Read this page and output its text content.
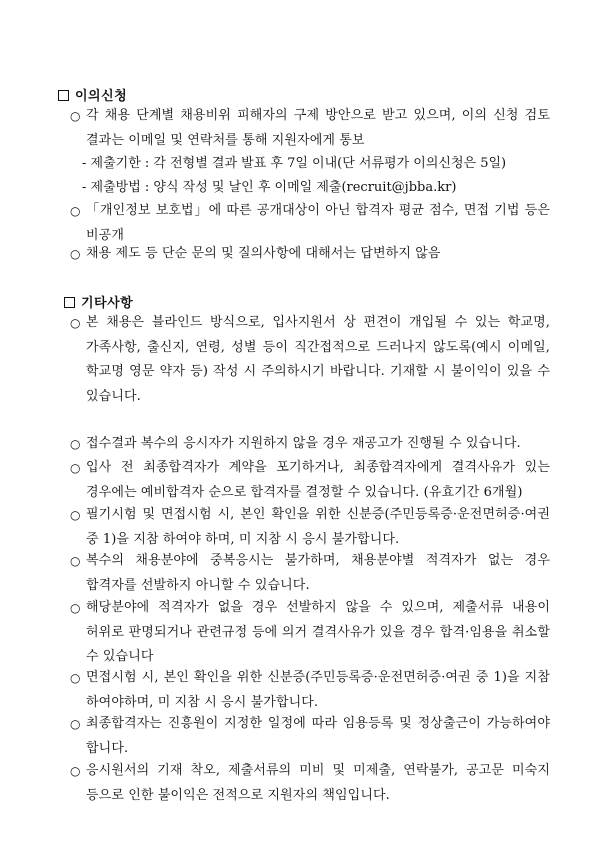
이의신청
○ 각 채용 단계별 채용비위 피해자의 구제 방안으로 받고 있으며, 이의 신청 검토 결과는 이메일 및 연락처를 통해 지원자에게 통보
- 제출기한 : 각 전형별 결과 발표 후 7일 이내(단 서류평가 이의신청은 5일)
- 제출방법 : 양식 작성 및 날인 후 이메일 제출(recruit@jbba.kr)
○ 「개인정보 보호법」에 따른 공개대상이 아닌 합격자 평균 점수, 면접 기법 등은 비공개
○ 채용 제도 등 단순 문의 및 질의사항에 대해서는 답변하지 않음
기타사항
○ 본 채용은 블라인드 방식으로, 입사지원서 상 편견이 개입될 수 있는 학교명, 가족사항, 출신지, 연령, 성별 등이 직간접적으로 드러나지 않도록(예시 이메일, 학교명 영문 약자 등) 작성 시 주의하시기 바랍니다. 기재할 시 불이익이 있을 수 있습니다.
○ 접수결과 복수의 응시자가 지원하지 않을 경우 재공고가 진행될 수 있습니다.
○ 입사 전 최종합격자가 계약을 포기하거나, 최종합격자에게 결격사유가 있는 경우에는 예비합격자 순으로 합격자를 결정할 수 있습니다. (유효기간 6개월)
○ 필기시험 및 면접시험 시, 본인 확인을 위한 신분증(주민등록증·운전면허증·여권 중 1)을 지참 하여야 하며, 미 지참 시 응시 불가합니다.
○ 복수의 채용분야에 중복응시는 불가하며, 채용분야별 적격자가 없는 경우 합격자를 선발하지 아니할 수 있습니다.
○ 해당분야에 적격자가 없을 경우 선발하지 않을 수 있으며, 제출서류 내용이 허위로 판명되거나 관련규정 등에 의거 결격사유가 있을 경우 합격·임용을 취소할 수 있습니다
○ 면접시험 시, 본인 확인을 위한 신분증(주민등록증·운전면허증·여권 중 1)을 지참 하여야하며, 미 지참 시 응시 불가합니다.
○ 최종합격자는 진흥원이 지정한 일정에 따라 임용등록 및 정상출근이 가능하여야 합니다.
○ 응시원서의 기재 착오, 제출서류의 미비 및 미제출, 연락불가, 공고문 미숙지 등으로 인한 불이익은 전적으로 지원자의 책임입니다.
